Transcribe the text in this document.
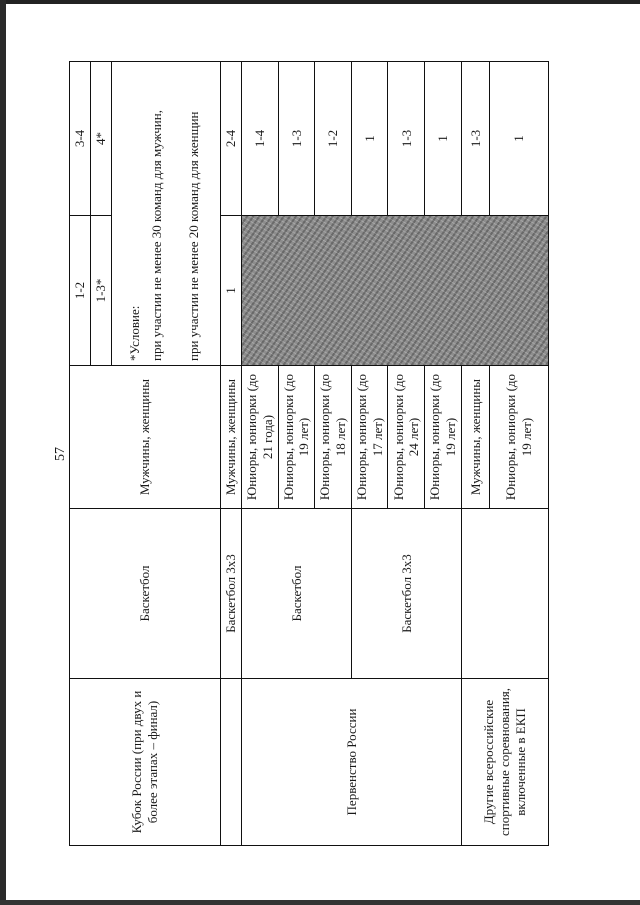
57
Кубок России (при двух и более этапах – финал)	Баскетбол	Мужчины, женщины	1-2	3-4
			1-3*	4*

			*Условие: при участии не менее 30 команд для мужчин, при участии не менее 20 команд для женщин	

	Баскетбол 3х3	Мужчины, женщины	1	2-4
Первенство России	Баскетбол	Юниоры, юниорки (до 21 года)		1-4
		Юниоры, юниорки (до 19 лет)		1-3
		Юниоры, юниорки (до 18 лет)		1-2
	Баскетбол 3х3	Юниоры, юниорки (до 17 лет)		1
		Юниоры, юниорки (до 24 лет)		1-3
		Юниоры, юниорки (до 19 лет)		1
Другие всероссийские спортивные соревнования, включенные в ЕКП		Мужчины, женщины		1-3
		Юниоры, юниорки (до 19 лет)		1
